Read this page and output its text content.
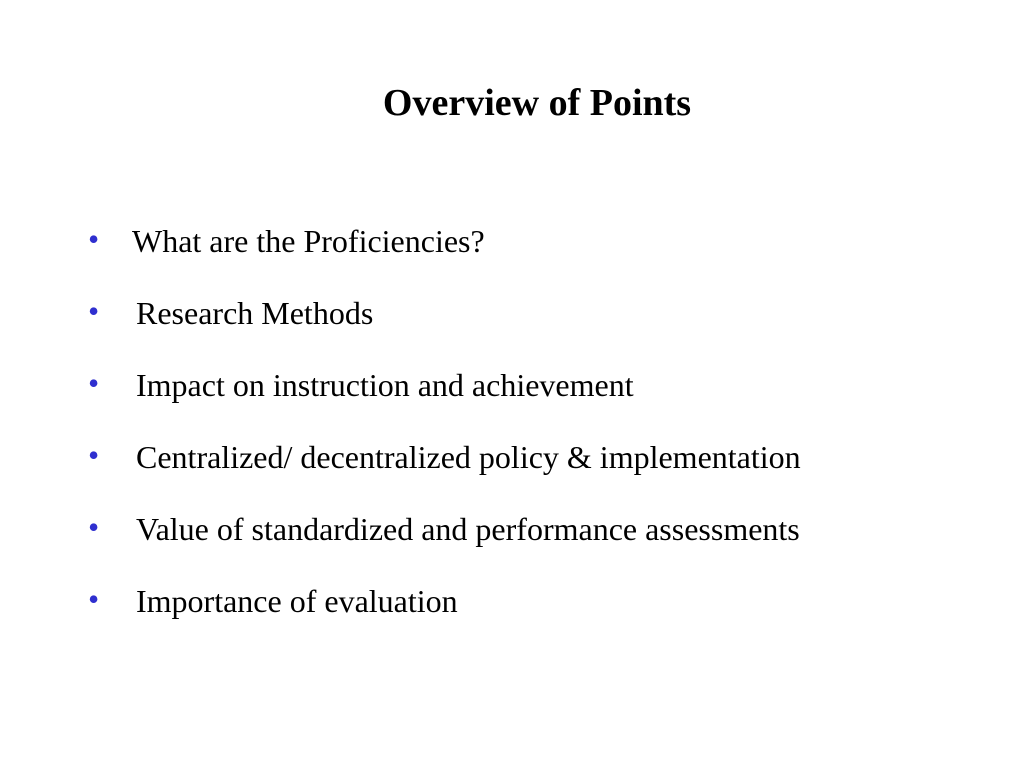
Overview of Points
• What are the Proficiencies?
• Research Methods
• Impact on instruction and achievement
• Centralized/ decentralized policy & implementation
• Value of standardized and performance assessments
• Importance of evaluation
